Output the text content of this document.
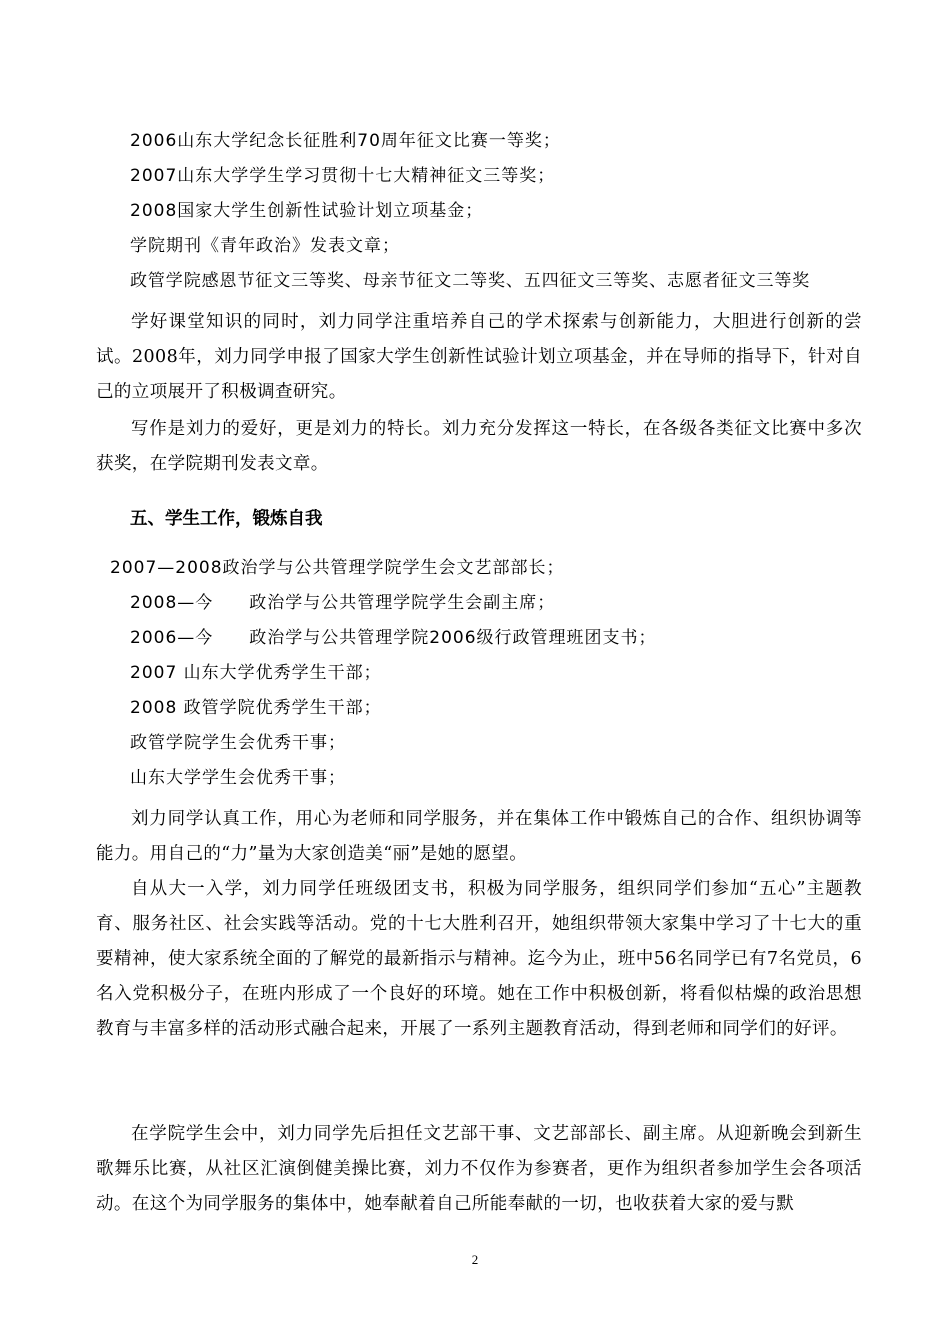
2006山东大学纪念长征胜利70周年征文比赛一等奖；
2007山东大学学生学习贯彻十七大精神征文三等奖；
2008国家大学生创新性试验计划立项基金；
学院期刊《青年政治》发表文章；
政管学院感恩节征文三等奖、母亲节征文二等奖、五四征文三等奖、志愿者征文三等奖
学好课堂知识的同时，刘力同学注重培养自己的学术探索与创新能力，大胆进行创新的尝试。2008年，刘力同学申报了国家大学生创新性试验计划立项基金，并在导师的指导下，针对自己的立项展开了积极调查研究。
写作是刘力的爱好，更是刘力的特长。刘力充分发挥这一特长，在各级各类征文比赛中多次获奖，在学院期刊发表文章。
五、学生工作，锻炼自我
2007—2008政治学与公共管理学院学生会文艺部部长；
2008—今　　政治学与公共管理学院学生会副主席；
2006—今　　政治学与公共管理学院2006级行政管理班团支书；
2007 山东大学优秀学生干部；
2008 政管学院优秀学生干部；
政管学院学生会优秀干事；
山东大学学生会优秀干事；
刘力同学认真工作，用心为老师和同学服务，并在集体工作中锻炼自己的合作、组织协调等能力。用自己的“力”量为大家创造美“丽”是她的愿望。
自从大一入学，刘力同学任班级团支书，积极为同学服务，组织同学们参加“五心”主题教育、服务社区、社会实践等活动。党的十七大胜利召开，她组织带领大家集中学习了十七大的重要精神，使大家系统全面的了解党的最新指示与精神。迄今为止，班中56名同学已有7名党员，6名入党积极分子，在班内形成了一个良好的环境。她在工作中积极创新，将看似枯燥的政治思想教育与丰富多样的活动形式融合起来，开展了一系列主题教育活动，得到老师和同学们的好评。
在学院学生会中，刘力同学先后担任文艺部干事、文艺部部长、副主席。从迎新晚会到新生歌舞乐比赛，从社区汇演倒健美操比赛，刘力不仅作为参赛者，更作为组织者参加学生会各项活动。在这个为同学服务的集体中，她奉献着自己所能奉献的一切，也收获着大家的爱与默
2
